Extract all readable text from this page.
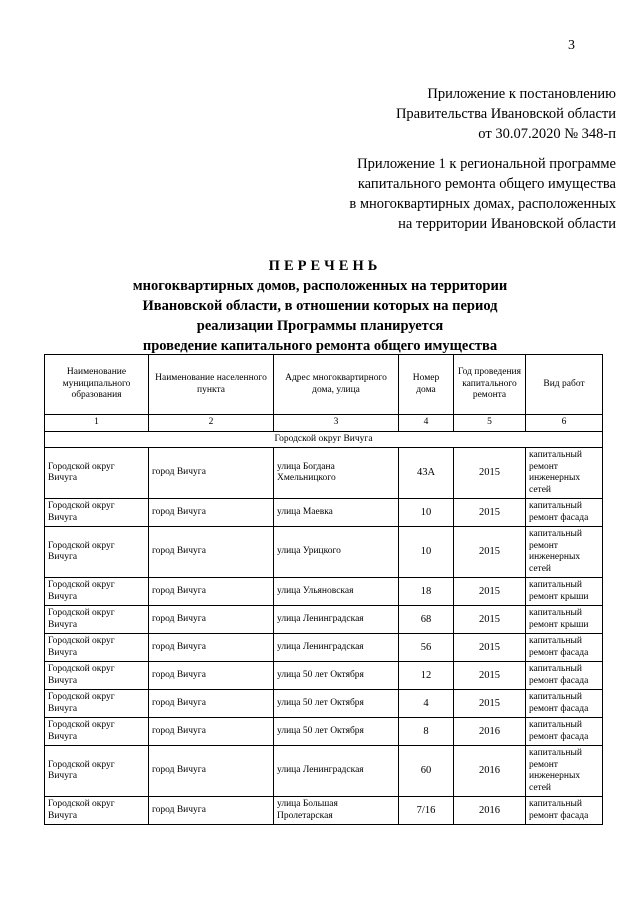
3
Приложение к постановлению
Правительства Ивановской области
от 30.07.2020 № 348-п
Приложение 1 к региональной программе
капитального ремонта общего имущества
в многоквартирных домах, расположенных
на территории Ивановской области
ПЕРЕЧЕНЬ
многоквартирных домов, расположенных на территории
Ивановской области, в отношении которых на период
реализации Программы планируется
проведение капитального ремонта общего имущества
Наименование муниципального образования	Наименование населенного пункта	Адрес многоквартирного дома, улица	Номер дома	Год проведения капитального ремонта	Вид работ
1	2	3	4	5	6
Городской округ Вичуга					
Городской округ Вичуга	город Вичуга	улица Богдана Хмельницкого	43А	2015	капитальный ремонт инженерных сетей
Городской округ Вичуга	город Вичуга	улица Маевка	10	2015	капитальный ремонт фасада
Городской округ Вичуга	город Вичуга	улица Урицкого	10	2015	капитальный ремонт инженерных сетей
Городской округ Вичуга	город Вичуга	улица Ульяновская	18	2015	капитальный ремонт крыши
Городской округ Вичуга	город Вичуга	улица Ленинградская	68	2015	капитальный ремонт крыши
Городской округ Вичуга	город Вичуга	улица Ленинградская	56	2015	капитальный ремонт фасада
Городской округ Вичуга	город Вичуга	улица 50 лет Октября	12	2015	капитальный ремонт фасада
Городской округ Вичуга	город Вичуга	улица 50 лет Октября	4	2015	капитальный ремонт фасада
Городской округ Вичуга	город Вичуга	улица 50 лет Октября	8	2016	капитальный ремонт фасада
Городской округ Вичуга	город Вичуга	улица Ленинградская	60	2016	капитальный ремонт инженерных сетей
Городской округ Вичуга	город Вичуга	улица Большая Пролетарская	7/16	2016	капитальный ремонт фасада
